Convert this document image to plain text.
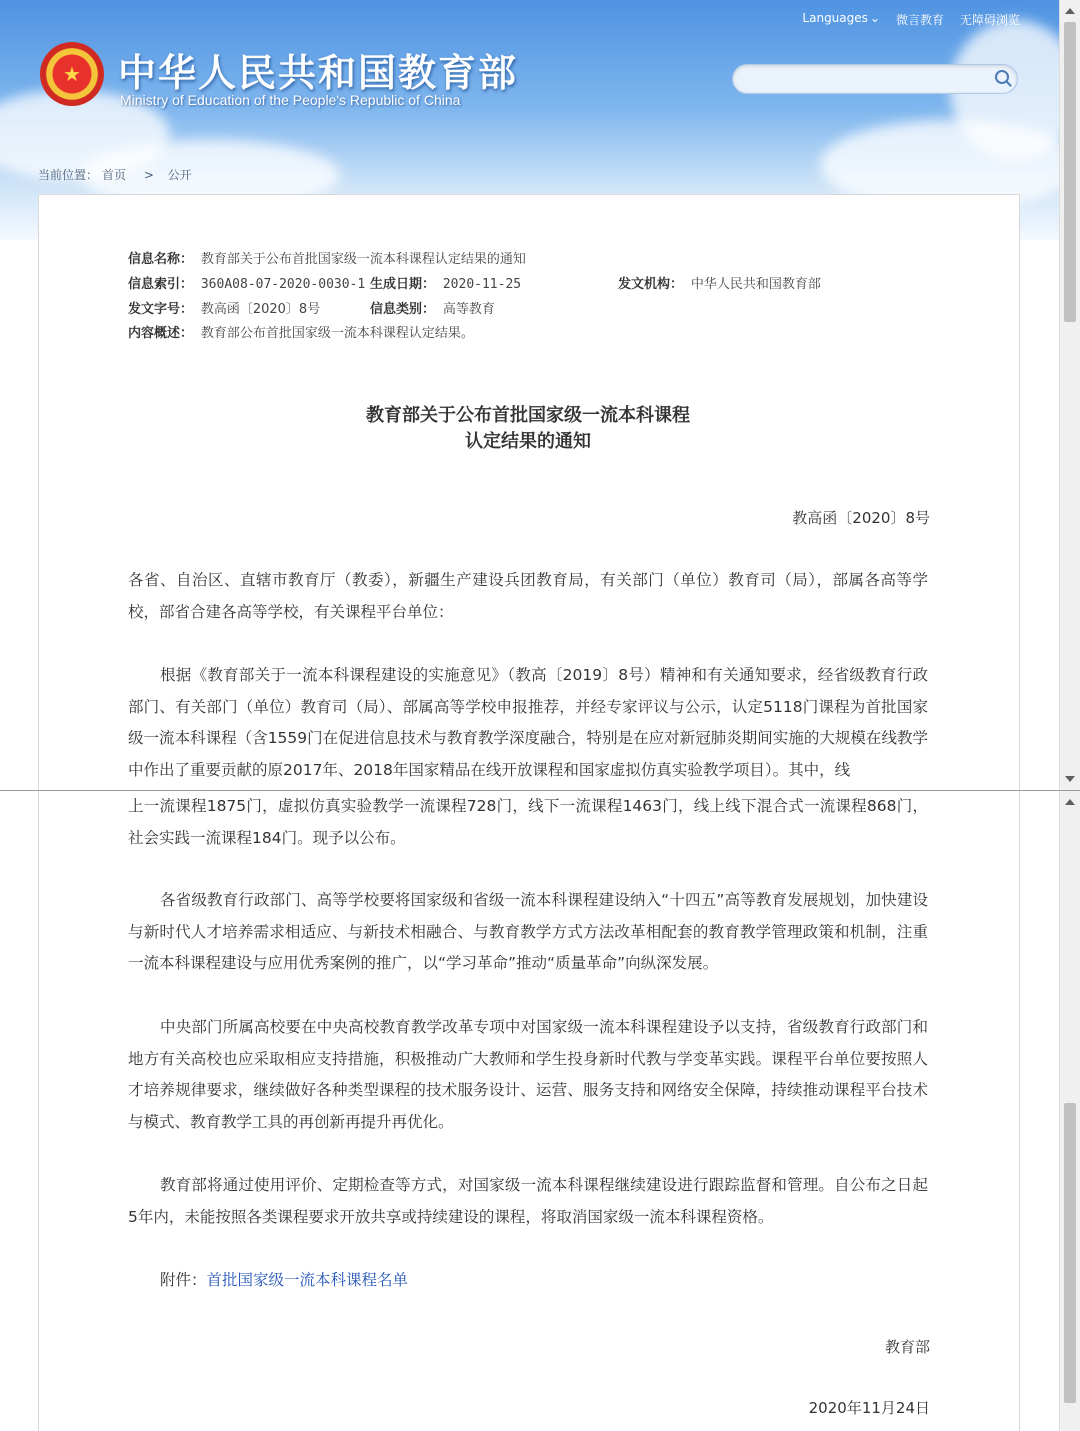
★ 中华人民共和国教育部
Ministry of Education of the People's Republic of China
Languages ⌄ 微言教育 无障碍浏览
当前位置： 首页 > 公开
信息名称： 教育部关于公布首批国家级一流本科课程认定结果的通知
信息索引： 360A08-07-2020-0030-1 生成日期： 2020-11-25	发文机构： 中华人民共和国教育部
发文字号： 教高函〔2020〕8号	信息类别： 高等教育
内容概述： 教育部公布首批国家级一流本科课程认定结果。
教育部关于公布首批国家级一流本科课程
认定结果的通知
教高函〔2020〕8号

各省、自治区、直辖市教育厅（教委），新疆生产建设兵团教育局，有关部门（单位）教育司（局），部属各高等学校，部省合建各高等学校，有关课程平台单位：

根据《教育部关于一流本科课程建设的实施意见》（教高〔2019〕8号）精神和有关通知要求，经省级教育行政部门、有关部门（单位）教育司（局）、部属高等学校申报推荐，并经专家评议与公示，认定5118门课程为首批国家级一流本科课程（含1559门在促进信息技术与教育教学深度融合，特别是在应对新冠肺炎期间实施的大规模在线教学中作出了重要贡献的原2017年、2018年国家精品在线开放课程和国家虚拟仿真实验教学项目）。其中，线

上一流课程1875门，虚拟仿真实验教学一流课程728门，线下一流课程1463门，线上线下混合式一流课程868门，社会实践一流课程184门。现予以公布。

各省级教育行政部门、高等学校要将国家级和省级一流本科课程建设纳入“十四五”高等教育发展规划，加快建设与新时代人才培养需求相适应、与新技术相融合、与教育教学方式方法改革相配套的教育教学管理政策和机制，注重一流本科课程建设与应用优秀案例的推广，以“学习革命”推动“质量革命”向纵深发展。

中央部门所属高校要在中央高校教育教学改革专项中对国家级一流本科课程建设予以支持，省级教育行政部门和地方有关高校也应采取相应支持措施，积极推动广大教师和学生投身新时代教与学变革实践。课程平台单位要按照人才培养规律要求，继续做好各种类型课程的技术服务设计、运营、服务支持和网络安全保障，持续推动课程平台技术与模式、教育教学工具的再创新再提升再优化。

教育部将通过使用评价、定期检查等方式，对国家级一流本科课程继续建设进行跟踪监督和管理。自公布之日起5年内，未能按照各类课程要求开放共享或持续建设的课程，将取消国家级一流本科课程资格。

附件：首批国家级一流本科课程名单

教育部
2020年11月24日
